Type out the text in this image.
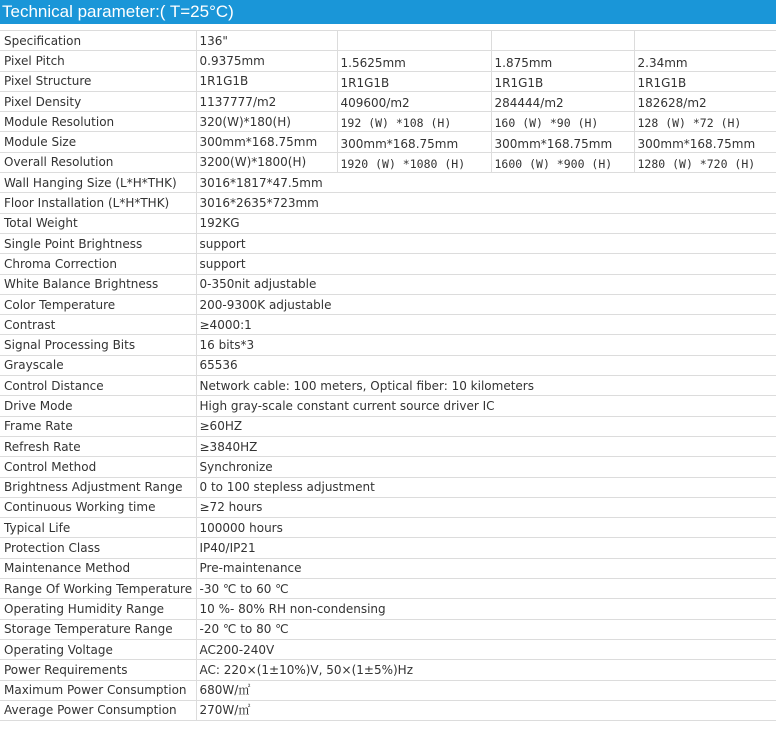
Technical parameter:( T=25°C)
Specification	136"			
Pixel Pitch	0.9375mm	1.5625mm	1.875mm	2.34mm
Pixel Structure	1R1G1B	1R1G1B	1R1G1B	1R1G1B
Pixel Density	1137777/m2	409600/m2	284444/m2	182628/m2
Module Resolution	320(W)*180(H)	192 (W) *108 (H)	160 (W) *90 (H)	128 (W) *72 (H)
Module Size	300mm*168.75mm	300mm*168.75mm	300mm*168.75mm	300mm*168.75mm
Overall Resolution	3200(W)*1800(H)	1920 (W) *1080 (H)	1600 (W) *900 (H)	1280 (W) *720 (H)
Wall Hanging Size (L*H*THK)	3016*1817*47.5mm			
Floor Installation (L*H*THK)	3016*2635*723mm			
Total Weight	192KG			
Single Point Brightness	support			
Chroma Correction	support			
White Balance Brightness	0-350nit adjustable			
Color Temperature	200-9300K adjustable			
Contrast	≥4000:1			
Signal Processing Bits	16 bits*3			
Grayscale	65536			
Control Distance	Network cable: 100 meters, Optical fiber: 10 kilometers			
Drive Mode	High gray-scale constant current source driver IC			
Frame Rate	≥60HZ			
Refresh Rate	≥3840HZ			
Control Method	Synchronize			
Brightness Adjustment Range	0 to 100 stepless adjustment			
Continuous Working time	≥72 hours			
Typical Life	100000 hours			
Protection Class	IP40/IP21			
Maintenance Method	Pre-maintenance			
Range Of Working Temperature	-30 ℃ to 60 ℃			
Operating Humidity Range	10 %- 80% RH non-condensing			
Storage Temperature Range	-20 ℃ to 80 ℃			
Operating Voltage	AC200-240V			
Power Requirements	AC: 220×(1±10%)V, 50×(1±5%)Hz			
Maximum Power Consumption	680W/㎡			
Average Power Consumption	270W/㎡			
